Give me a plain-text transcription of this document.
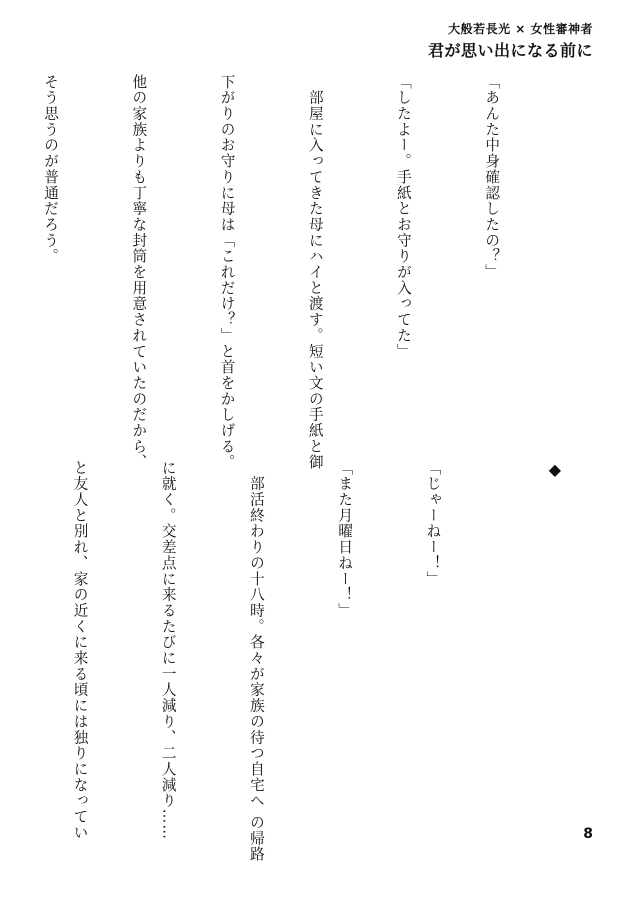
大般若長光 × 女性審神者
君が思い出になる前に

「あんた中身確認したの？」

「したよー。手紙とお守りが入ってた」

　部屋に入ってきた母にハイと渡す。短い文の手紙と御

下がりのお守りに母は「これだけ？」と首をかしげる。

他の家族よりも丁寧な封筒を用意されていたのだから、

そう思うのが普通だろう。

◆

「じゃーねー！」

「また月曜日ねー！」

　部活終わりの十八時。各々が家族の待つ自宅へ の帰路

に就く。交差点に来るたびに一人減り、二人減り……

と友人と別れ、家の近くに来る頃には独りになってい

	8
